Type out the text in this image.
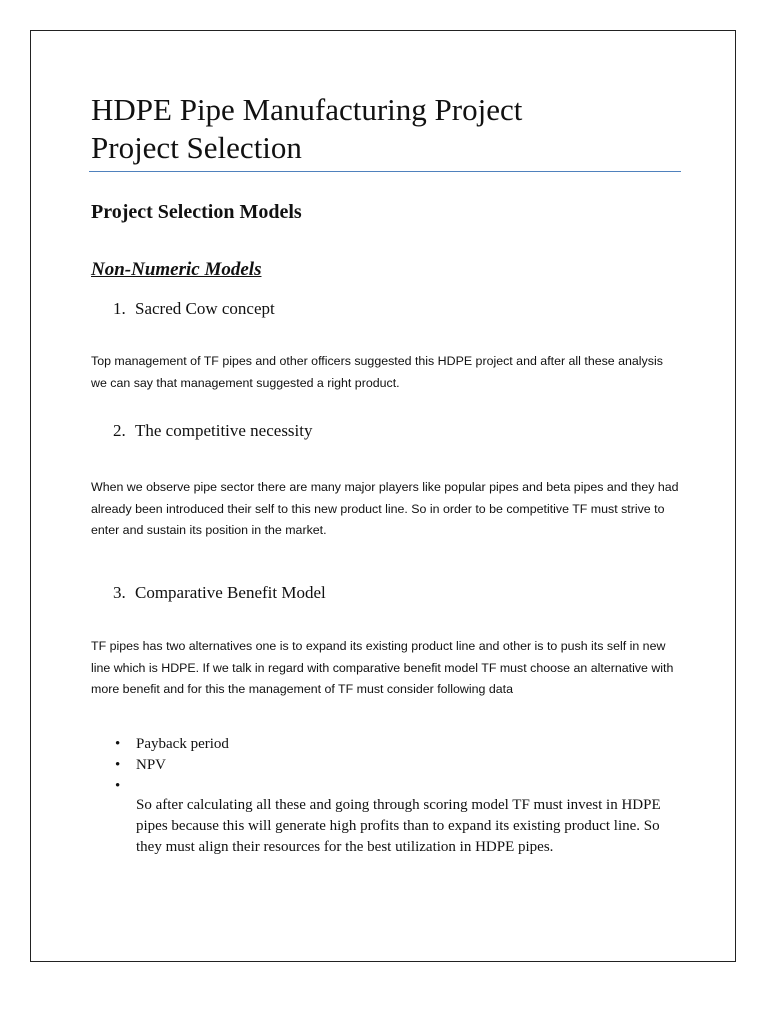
HDPE Pipe Manufacturing Project
Project Selection
Project Selection Models
Non-Numeric Models

1. Sacred Cow concept

Top management of TF pipes and other officers suggested this HDPE project and after all these analysis we can say that management suggested a right product.

2. The competitive necessity

When we observe pipe sector there are many major players like popular pipes and beta pipes and they had already been introduced their self to this new product line. So in order to be competitive TF must strive to enter and sustain its position in the market.

3. Comparative Benefit Model

TF pipes has two alternatives one is to expand its existing product line and other is to push its self in new line which is HDPE. If we talk in regard with comparative benefit model TF must choose an alternative with more benefit and for this the management of TF must consider following data

• Payback period
• NPV
•

So after calculating all these and going through scoring model TF must invest in HDPE pipes because this will generate high profits than to expand its existing product line. So they must align their resources for the best utilization in HDPE pipes.
